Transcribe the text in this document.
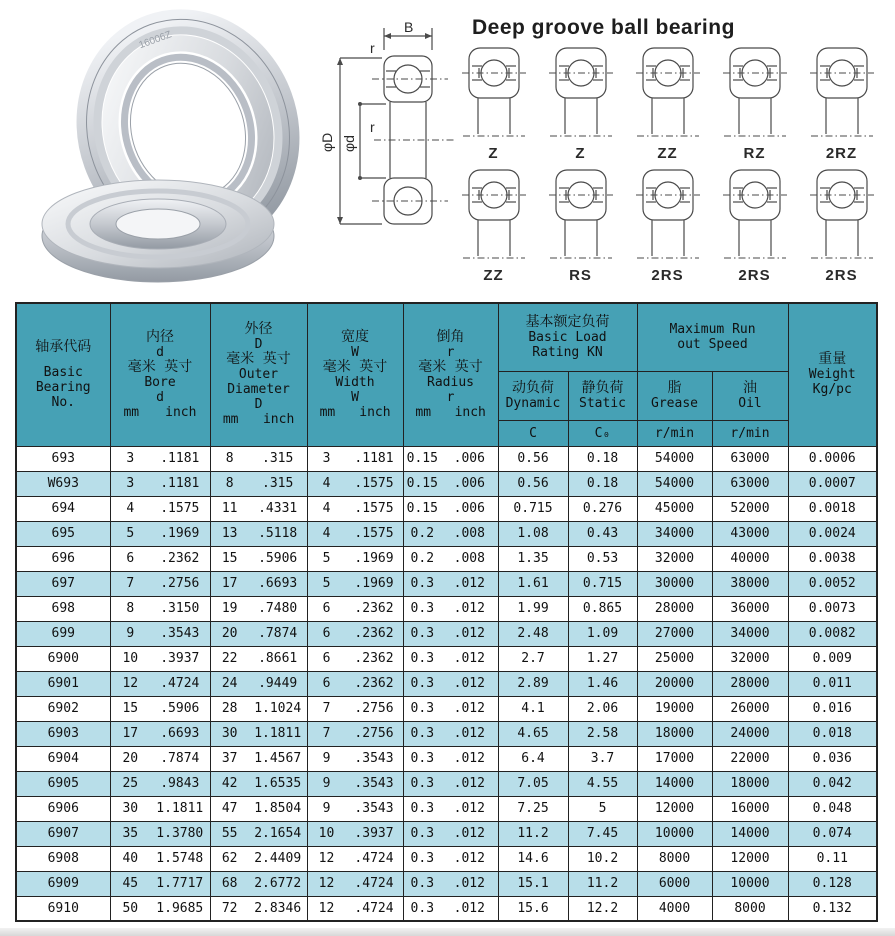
16006Z
B
r
r
φD φd
Deep groove ball bearing
Z	Z	ZZ	RZ	2RZ
ZZ	RS	2RS	2RS	2RS
轴承代码
Basic
Bearing
No.

内径
d
毫米 英寸
Bore
d
mm	inch

外径
D
毫米 英寸
Outer
Diameter
D
mm	inch

宽度
W
毫米 英寸
Width
W
mm	inch

倒角
r
毫米 英寸
Radius
r
mm	inch

基本额定负荷
Basic Load
Rating KN

Maximum Run
out Speed

重量
Weight
Kg/pc

动负荷
Dynamic

静负荷
Static

脂
Grease

油
Oil

					C	C₀	r/min	r/min	
693	3 .1181	8 .315	3 .1181	0.15 .006	0.56	0.18	54000	63000	0.0006
W693	3 .1181	8 .315	4 .1575	0.15 .006	0.56	0.18	54000	63000	0.0007
694	4 .1575	11 .4331	4 .1575	0.15 .006	0.715	0.276	45000	52000	0.0018
695	5 .1969	13 .5118	4 .1575	0.2 .008	1.08	0.43	34000	43000	0.0024
696	6 .2362	15 .5906	5 .1969	0.2 .008	1.35	0.53	32000	40000	0.0038
697	7 .2756	17 .6693	5 .1969	0.3 .012	1.61	0.715	30000	38000	0.0052
698	8 .3150	19 .7480	6 .2362	0.3 .012	1.99	0.865	28000	36000	0.0073
699	9 .3543	20 .7874	6 .2362	0.3 .012	2.48	1.09	27000	34000	0.0082
6900	10 .3937	22 .8661	6 .2362	0.3 .012	2.7	1.27	25000	32000	0.009
6901	12 .4724	24 .9449	6 .2362	0.3 .012	2.89	1.46	20000	28000	0.011
6902	15 .5906	28 1.1024	7 .2756	0.3 .012	4.1	2.06	19000	26000	0.016
6903	17 .6693	30 1.1811	7 .2756	0.3 .012	4.65	2.58	18000	24000	0.018
6904	20 .7874	37 1.4567	9 .3543	0.3 .012	6.4	3.7	17000	22000	0.036
6905	25 .9843	42 1.6535	9 .3543	0.3 .012	7.05	4.55	14000	18000	0.042
6906	30 1.1811	47 1.8504	9 .3543	0.3 .012	7.25	5	12000	16000	0.048
6907	35 1.3780	55 2.1654	10 .3937	0.3 .012	11.2	7.45	10000	14000	0.074
6908	40 1.5748	62 2.4409	12 .4724	0.3 .012	14.6	10.2	8000	12000	0.11
6909	45 1.7717	68 2.6772	12 .4724	0.3 .012	15.1	11.2	6000	10000	0.128
6910	50 1.9685	72 2.8346	12 .4724	0.3 .012	15.6	12.2	4000	8000	0.132
